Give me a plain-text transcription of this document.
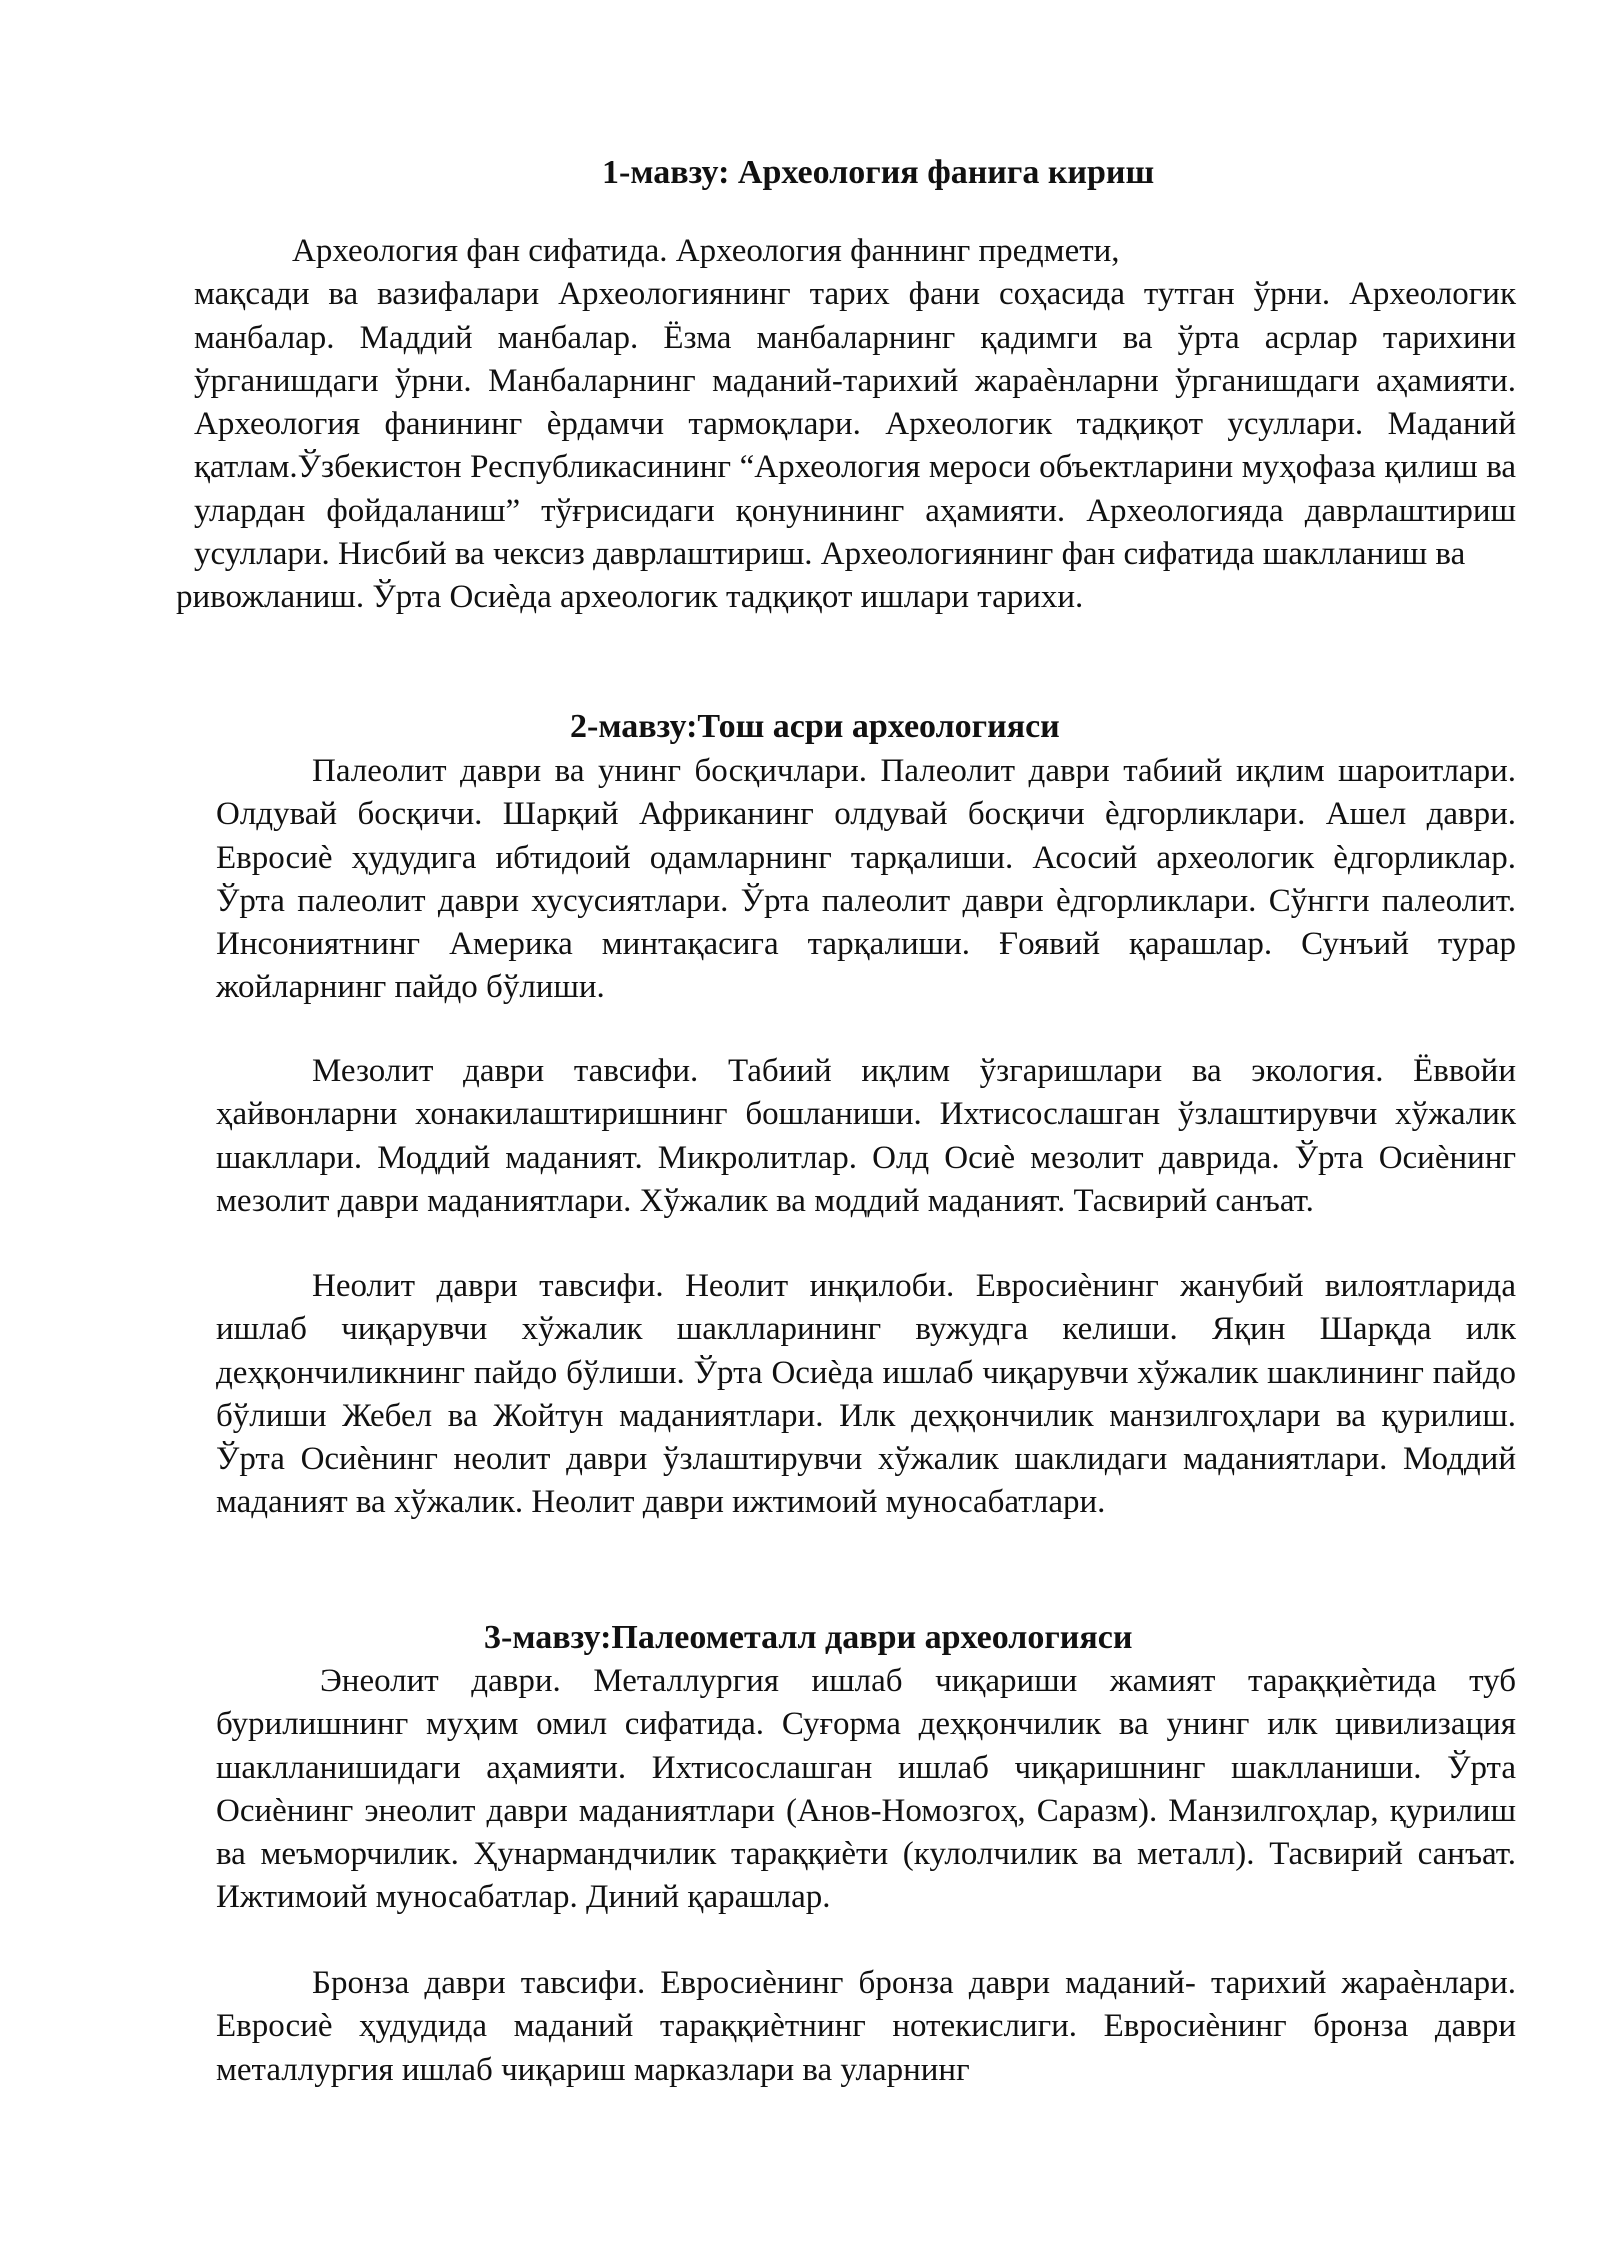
1-мавзу: Археология фанига кириш
Археология фан сифатида. Археология фаннинг предмети,
мақсади ва вазифалари Археологиянинг тарих фани соҳасида тутган ўрни. Археологик манбалар. Маддий манбалар. Ёзма манбаларнинг қадимги ва ўрта асрлар тарихини ўрганишдаги ўрни. Манбаларнинг маданий-тарихий жараѐнларни ўрганишдаги аҳамияти. Археология фанининг ѐрдамчи тармоқлари. Археологик тадқиқот усуллари. Маданий қатлам.Ўзбекистон Республикасининг “Археология мероси объектларини муҳофаза қилиш ва улардан фойдаланиш” тўғрисидаги қонунининг аҳамияти. Археологияда даврлаштириш усуллари. Нисбий ва чексиз даврлаштириш. Археологиянинг фан сифатида шаклланиш ва
ривожланиш. Ўрта Осиѐда археологик тадқиқот ишлари тарихи.
2-мавзу:Тош асри археологияси
Палеолит даври ва унинг босқичлари. Палеолит даври табиий иқлим шароитлари. Олдувай босқичи. Шарқий Африканинг олдувай босқичи ѐдгорликлари. Ашел даври. Евросиѐ ҳудудига ибтидоий одамларнинг тарқалиши. Асосий археологик ѐдгорликлар. Ўрта палеолит даври хусусиятлари. Ўрта палеолит даври ѐдгорликлари. Сўнгги палеолит. Инсониятнинг Америка минтақасига тарқалиши. Ғоявий қарашлар. Сунъий турар жойларнинг пайдо бўлиши.
Мезолит даври тавсифи. Табиий иқлим ўзгаришлари ва экология. Ёввойи ҳайвонларни хонакилаштиришнинг бошланиши. Ихтисослашган ўзлаштирувчи хўжалик шакллари. Моддий маданият. Микролитлар. Олд Осиѐ мезолит даврида. Ўрта Осиѐнинг мезолит даври маданиятлари. Хўжалик ва моддий маданият. Тасвирий санъат.
Неолит даври тавсифи. Неолит инқилоби. Евросиѐнинг жанубий вилоятларида ишлаб чиқарувчи хўжалик шаклларининг вужудга келиши. Яқин Шарқда илк деҳқончиликнинг пайдо бўлиши. Ўрта Осиѐда ишлаб чиқарувчи хўжалик шаклининг пайдо бўлиши Жебел ва Жойтун маданиятлари. Илк деҳқончилик манзилгоҳлари ва қурилиш. Ўрта Осиѐнинг неолит даври ўзлаштирувчи хўжалик шаклидаги маданиятлари. Моддий маданият ва хўжалик. Неолит даври ижтимоий муносабатлари.
3-мавзу:Палеометалл даври археологияси
Энеолит даври. Металлургия ишлаб чиқариши жамият тараққиѐтида туб бурилишнинг муҳим омил сифатида. Суғорма деҳқончилик ва унинг илк цивилизация шаклланишидаги аҳамияти. Ихтисослашган ишлаб чиқаришнинг шаклланиши. Ўрта Осиѐнинг энеолит даври маданиятлари (Анов-Номозгоҳ, Саразм). Манзилгоҳлар, қурилиш ва меъморчилик. Ҳунармандчилик тараққиѐти (кулолчилик ва металл). Тасвирий санъат. Ижтимоий муносабатлар. Диний қарашлар.
Бронза даври тавсифи. Евросиѐнинг бронза даври маданий- тарихий жараѐнлари. Евросиѐ ҳудудида маданий тараққиѐтнинг нотекислиги. Евросиѐнинг бронза даври металлургия ишлаб чиқариш марказлари ва уларнинг
